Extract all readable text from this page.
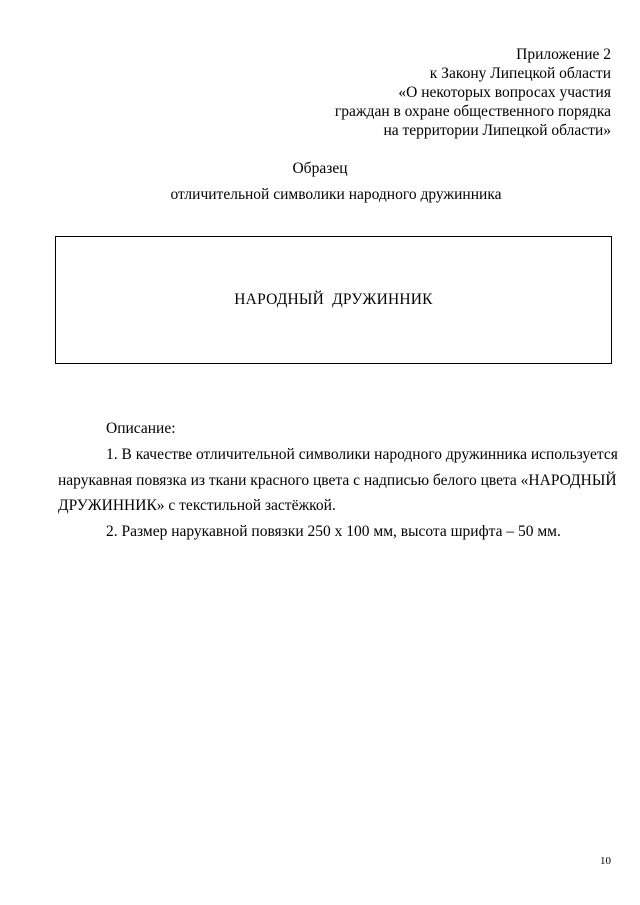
Приложение 2
к Закону Липецкой области
«О некоторых вопросах участия
граждан в охране общественного порядка
на территории Липецкой области»
Образец
отличительной символики народного дружинника
НАРОДНЫЙ  ДРУЖИННИК
Описание:
1. В качестве отличительной символики народного дружинника используется
нарукавная повязка из ткани красного цвета с надписью белого цвета «НАРОДНЫЙ
ДРУЖИННИК» с текстильной застёжкой.
2. Размер нарукавной повязки 250 х 100 мм, высота шрифта – 50 мм.
10
